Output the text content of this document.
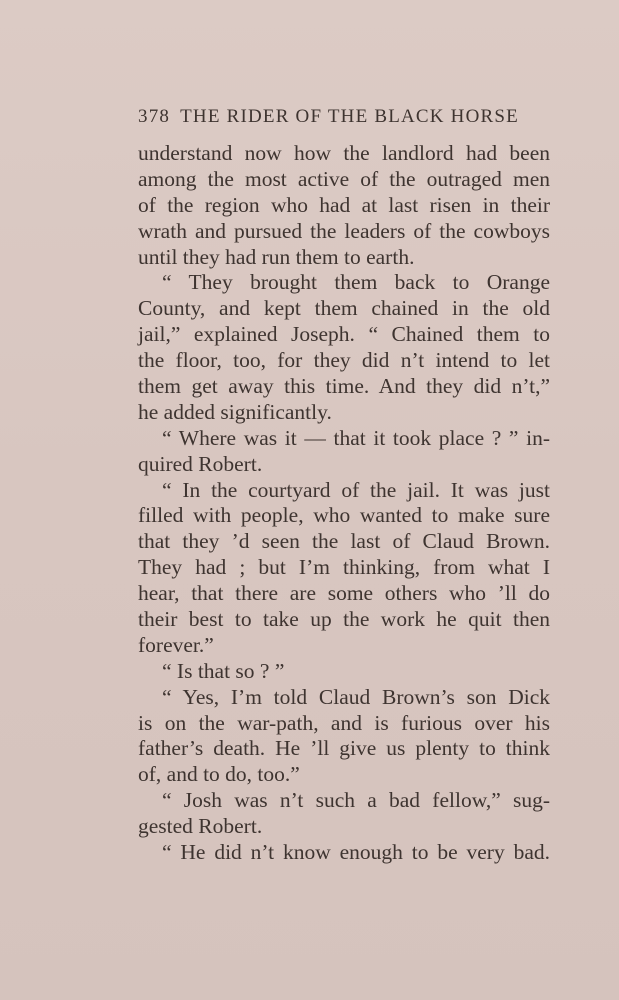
378 THE RIDER OF THE BLACK HORSE
understand now how the landlord had been
among the most active of the outraged men
of the region who had at last risen in their
wrath and pursued the leaders of the cowboys
until they had run them to earth.
“ They brought them back to Orange
County, and kept them chained in the old
jail,” explained Joseph. “ Chained them to
the floor, too, for they did n’t intend to let
them get away this time. And they did n’t,”
he added significantly.
“ Where was it — that it took place ? ” in-
quired Robert.
“ In the courtyard of the jail. It was just
filled with people, who wanted to make sure
that they ’d seen the last of Claud Brown.
They had ; but I’m thinking, from what I
hear, that there are some others who ’ll do
their best to take up the work he quit then
forever.”
“ Is that so ? ”
“ Yes, I’m told Claud Brown’s son Dick
is on the war-path, and is furious over his
father’s death. He ’ll give us plenty to think
of, and to do, too.”
“ Josh was n’t such a bad fellow,” sug-
gested Robert.
“ He did n’t know enough to be very bad.
